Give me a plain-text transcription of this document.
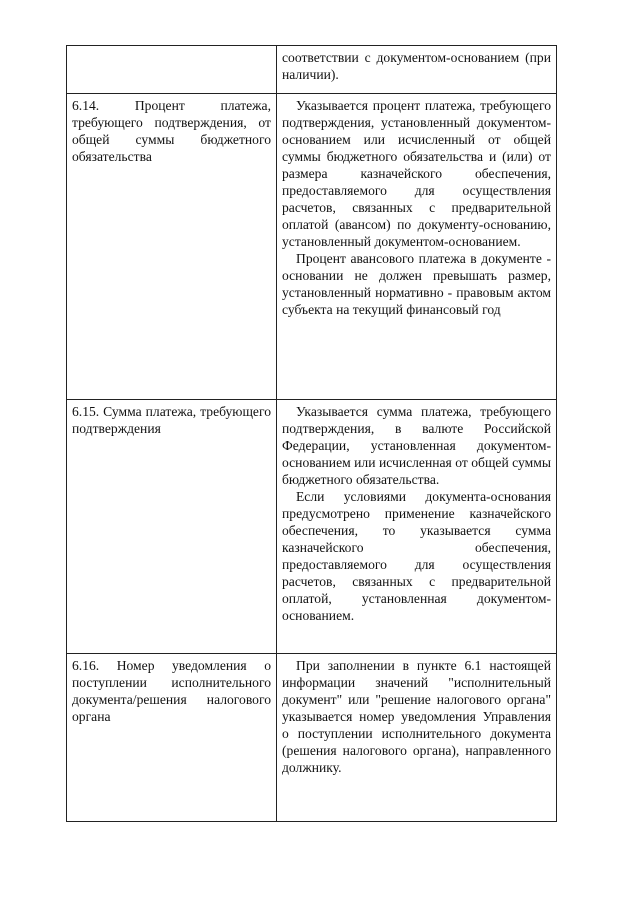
	соответствии с документом-основанием (при наличии).

6.14. Процент платежа, требующего подтверждения, от общей суммы бюджетного обязательства	Указывается процент платежа, требующего подтверждения, установленный документом-основанием или исчисленный от общей суммы бюджетного обязательства и (или) от размера казначейского обеспечения, предоставляемого для осуществления расчетов, связанных с предварительной оплатой (авансом) по документу-основанию, установленный документом-основанием.

Процент авансового платежа в документе - основании не должен превышать размер, установленный нормативно - правовым актом субъекта на текущий финансовый год

6.15. Сумма платежа, требующего подтверждения	Указывается сумма платежа, требующего подтверждения, в валюте Российской Федерации, установленная документом-основанием или исчисленная от общей суммы бюджетного обязательства.

Если условиями документа-основания предусмотрено применение казначейского обеспечения, то указывается сумма казначейского обеспечения, предоставляемого для осуществления расчетов, связанных с предварительной оплатой, установленная документом-основанием.

6.16. Номер уведомления о поступлении исполнительного документа/решения налогового органа	При заполнении в пункте 6.1 настоящей информации значений "исполнительный документ" или "решение налогового органа" указывается номер уведомления Управления о поступлении исполнительного документа (решения налогового органа), направленного должнику.
